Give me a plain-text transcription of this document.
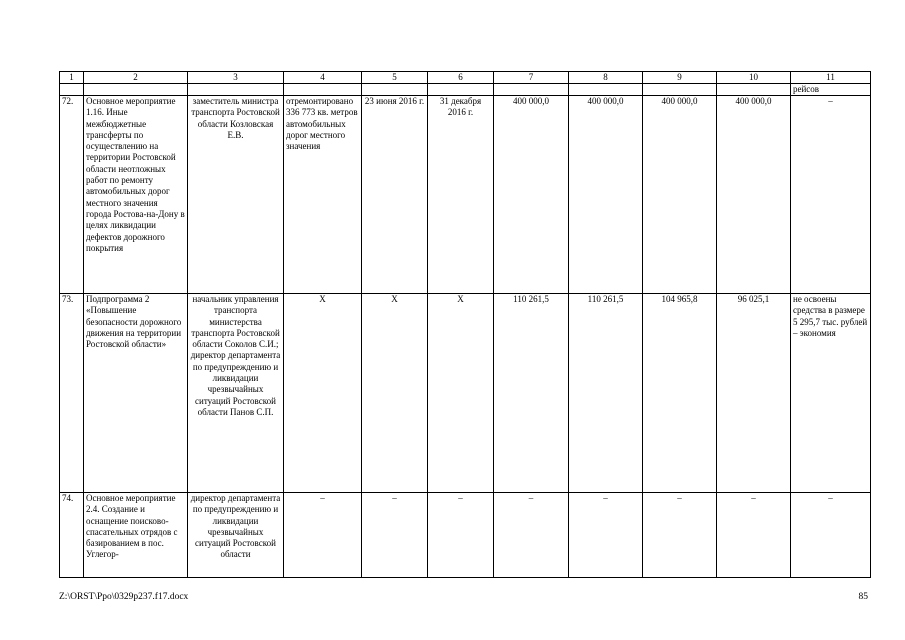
1	2	3	4	5	6	7	8	9	10	11
										рейсов
72.	Основное мероприятие 1.16. Иные межбюджетные трансферты по осуществлению на территории Ростовской области неотложных работ по ремонту автомобильных дорог местного значения города Ростова-на-Дону в целях ликвидации дефектов дорожного покрытия	заместитель министра транспорта Ростовской области Козловская Е.В.	отремонтировано 336 773 кв. метров автомобильных дорог местного значения	23 июня 2016 г.	31 декабря 2016 г.	400 000,0	400 000,0	400 000,0	400 000,0	–
73.	Подпрограмма 2 «Повышение безопасности дорожного движения на территории Ростовской области»	начальник управления транспорта министерства транспорта Ростовской области Соколов С.И.; директор департамента по предупреждению и ликвидации чрезвычайных ситуаций Ростовской области Панов С.П.	X	X	X	110 261,5	110 261,5	104 965,8	96 025,1	не освоены средства в размере 5 295,7 тыс. рублей – экономия
74.	Основное мероприятие 2.4. Создание и оснащение поисково-спасательных отрядов с базированием в пос. Углегор-	директор департамента по предупреждению и ликвидации чрезвычайных ситуаций Ростовской области	–	–	–	–	–	–	–	–
Z:\ORST\Ppo\0329p237.f17.docx	85
